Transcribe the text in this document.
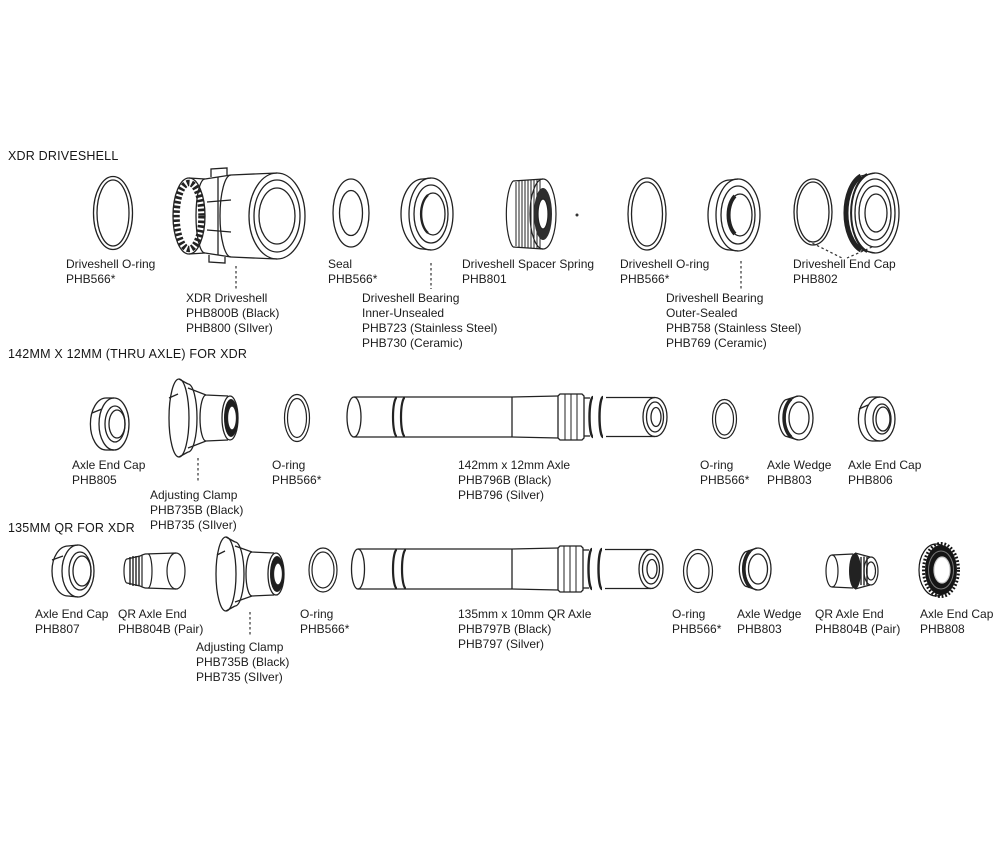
XDR DRIVESHELL
142MM X 12MM (THRU AXLE) FOR XDR
135MM QR FOR XDR
Driveshell O-ring
PHB566*
XDR Driveshell
PHB800B (Black)
PHB800 (SIlver)
Seal
PHB566*
Driveshell Bearing
Inner-Unsealed
PHB723 (Stainless Steel)
PHB730 (Ceramic)
Driveshell Spacer Spring
PHB801
Driveshell O-ring
PHB566*
Driveshell Bearing
Outer-Sealed
PHB758 (Stainless Steel)
PHB769 (Ceramic)
Driveshell End Cap
PHB802
Axle End Cap
PHB805
Adjusting Clamp
PHB735B (Black)
PHB735 (SIlver)
O-ring
PHB566*
142mm x 12mm Axle
PHB796B (Black)
PHB796 (Silver)
O-ring
PHB566*
Axle Wedge
PHB803
Axle End Cap
PHB806
Axle End Cap
PHB807
QR Axle End
PHB804B (Pair)
Adjusting Clamp
PHB735B (Black)
PHB735 (SIlver)
O-ring
PHB566*
135mm x 10mm QR Axle
PHB797B (Black)
PHB797 (Silver)
O-ring
PHB566*
Axle Wedge
PHB803
QR Axle End
PHB804B (Pair)
Axle End Cap
PHB808
